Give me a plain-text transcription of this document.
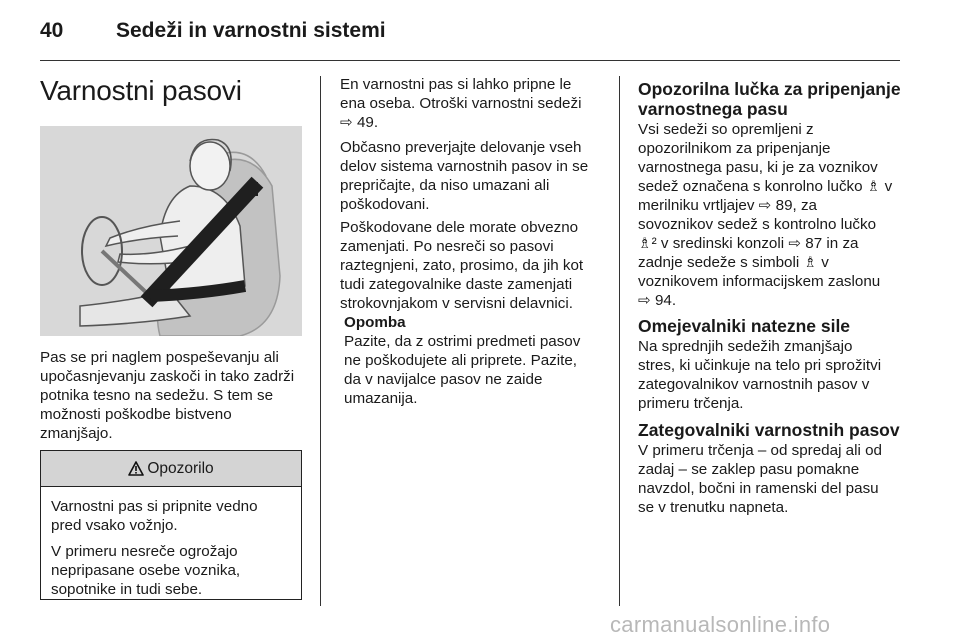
40	Sedeži in varnostni sistemi
Varnostni pasovi
Pas se pri naglem pospeševanju ali
upočasnjevanju zaskoči in tako zadrži
potnika tesno na sedežu. S tem se
možnosti poškodbe bistveno
zmanjšajo.
Opozorilo

Varnostni pas si pripnite vedno
pred vsako vožnjo.

V primeru nesreče ogrožajo
nepripasane osebe voznika,
sopotnike in tudi sebe.

En varnostni pas si lahko pripne le
ena oseba. Otroški varnostni sedeži
⇨ 49.
Občasno preverjajte delovanje vseh
delov sistema varnostnih pasov in se
prepričajte, da niso umazani ali
poškodovani.
Poškodovane dele morate obvezno
zamenjati. Po nesreči so pasovi
raztegnjeni, zato, prosimo, da jih kot
tudi zategovalnike daste zamenjati
strokovnjakom v servisni delavnici.
Opomba
Pazite, da z ostrimi predmeti pasov
ne poškodujete ali priprete. Pazite,
da v navijalce pasov ne zaide
umazanija.
Opozorilna lučka za pripenjanje
varnostnega pasu
Vsi sedeži so opremljeni z
opozorilnikom za pripenjanje
varnostnega pasu, ki je za voznikov
sedež označena s konrolno lučko ♗ v
merilniku vrtljajev ⇨ 89, za
sovoznikov sedež s kontrolno lučko
♗² v sredinski konzoli ⇨ 87 in za
zadnje sedeže s simboli ♗ v
voznikovem informacijskem zaslonu
⇨ 94.
Omejevalniki natezne sile
Na sprednjih sedežih zmanjšajo
stres, ki učinkuje na telo pri sprožitvi
zategovalnikov varnostnih pasov v
primeru trčenja.
Zategovalniki varnostnih pasov
V primeru trčenja – od spredaj ali od
zadaj – se zaklep pasu pomakne
navzdol, bočni in ramenski del pasu
se v trenutku napneta.
carmanualsonline.info
